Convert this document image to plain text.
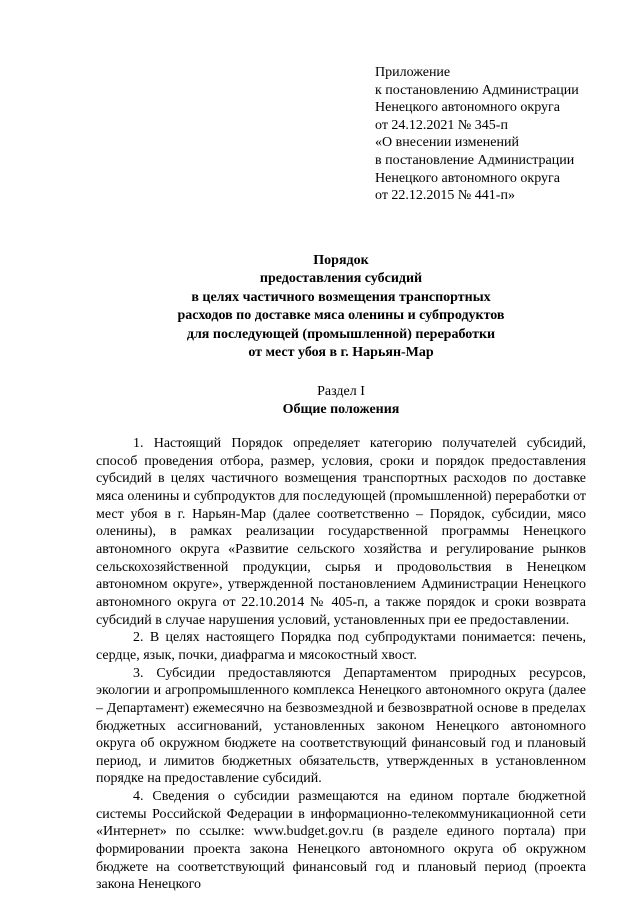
Приложение
к постановлению Администрации
Ненецкого автономного округа
от 24.12.2021 № 345-п
«О внесении изменений
в постановление Администрации
Ненецкого автономного округа
от 22.12.2015 № 441-п»
Порядок
предоставления субсидий
в целях частичного возмещения транспортных
расходов по доставке мяса оленины и субпродуктов
для последующей (промышленной) переработки
от мест убоя в г. Нарьян-Мар
Раздел I
Общие положения

1. Настоящий Порядок определяет категорию получателей субсидий, способ проведения отбора, размер, условия, сроки и порядок предоставления субсидий в целях частичного возмещения транспортных расходов по доставке мяса оленины и субпродуктов для последующей (промышленной) переработки от мест убоя в г. Нарьян-Мар (далее соответственно – Порядок, субсидии, мясо оленины), в рамках реализации государственной программы Ненецкого автономного округа «Развитие сельского хозяйства и регулирование рынков сельскохозяйственной продукции, сырья и продовольствия в Ненецком автономном округе», утвержденной постановлением Администрации Ненецкого автономного округа от 22.10.2014 № 405-п, а также порядок и сроки возврата субсидий в случае нарушения условий, установленных при ее предоставлении.

2. В целях настоящего Порядка под субпродуктами понимается: печень, сердце, язык, почки, диафрагма и мясокостный хвост.

3. Субсидии предоставляются Департаментом природных ресурсов, экологии и агропромышленного комплекса Ненецкого автономного округа (далее – Департамент) ежемесячно на безвозмездной и безвозвратной основе в пределах бюджетных ассигнований, установленных законом Ненецкого автономного округа об окружном бюджете на соответствующий финансовый год и плановый период, и лимитов бюджетных обязательств, утвержденных в установленном порядке на предоставление субсидий.

4. Сведения о субсидии размещаются на едином портале бюджетной системы Российской Федерации в информационно-телекоммуникационной сети «Интернет» по ссылке: www.budget.gov.ru (в разделе единого портала) при формировании проекта закона Ненецкого автономного округа об окружном бюджете на соответствующий финансовый год и плановый период (проекта закона Ненецкого
